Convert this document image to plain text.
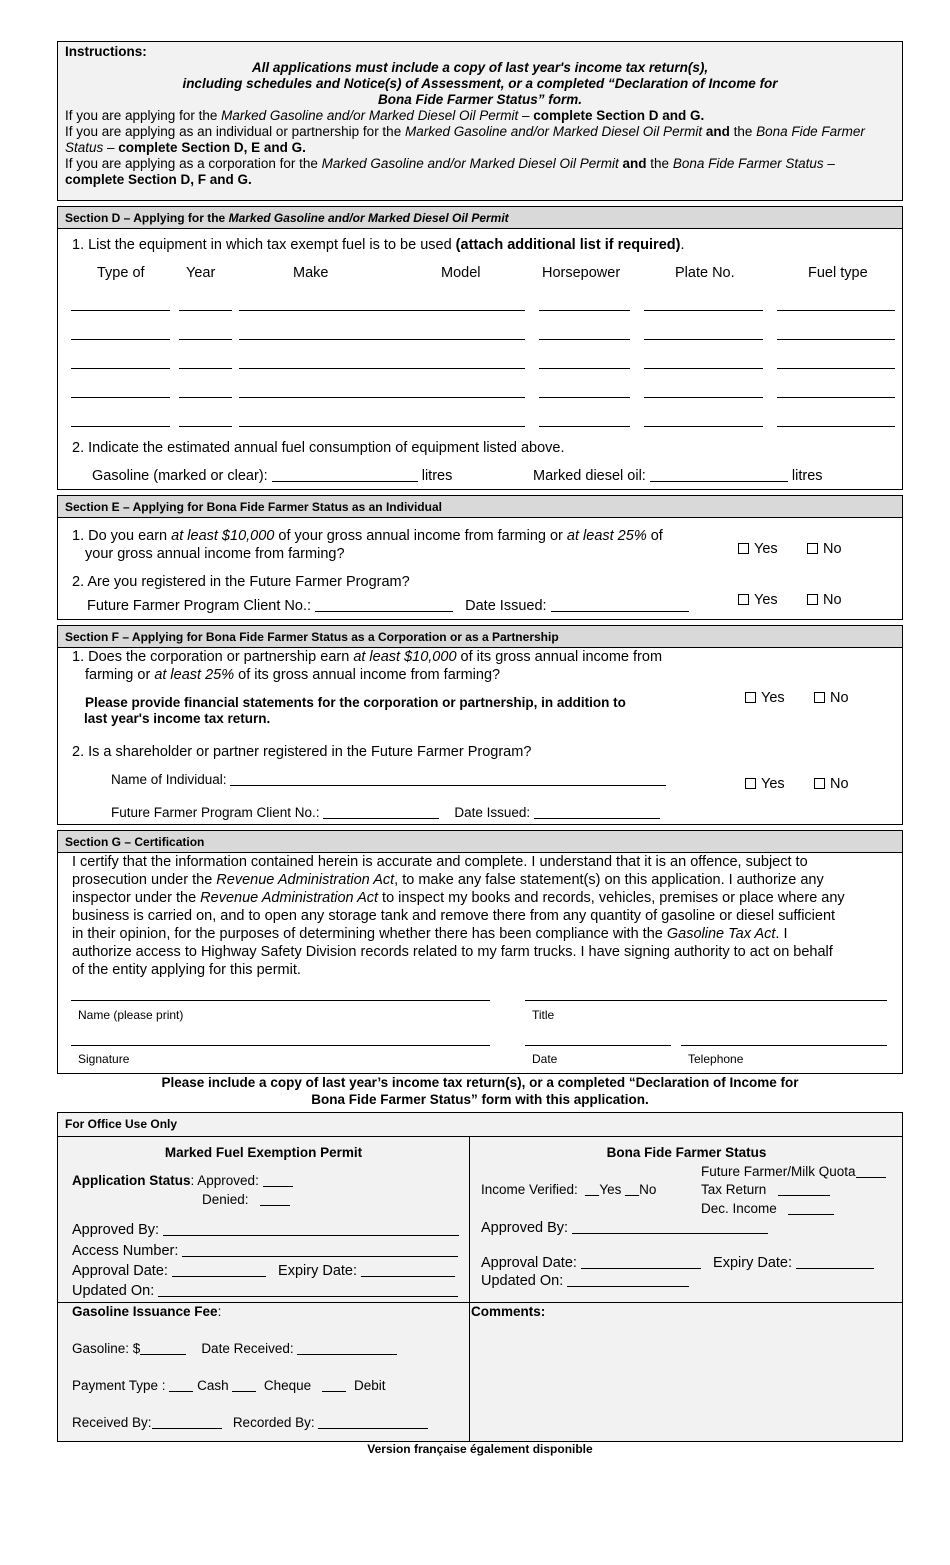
Instructions:
All applications must include a copy of last year's income tax return(s),
including schedules and Notice(s) of Assessment, or a completed “Declaration of Income for
Bona Fide Farmer Status” form.
If you are applying for the Marked Gasoline and/or Marked Diesel Oil Permit – complete Section D and G.
If you are applying as an individual or partnership for the Marked Gasoline and/or Marked Diesel Oil Permit and the Bona Fide Farmer
Status – complete Section D, E and G.
If you are applying as a corporation for the Marked Gasoline and/or Marked Diesel Oil Permit and the Bona Fide Farmer Status –
complete Section D, F and G.
Section D – Applying for the Marked Gasoline and/or Marked Diesel Oil Permit
1. List the equipment in which tax exempt fuel is to be used (attach additional list if required).
Type of	Year	Make	Model	Horsepower	Plate No.	Fuel type
2. Indicate the estimated annual fuel consumption of equipment listed above.
Gasoline (marked or clear):	litres	Marked diesel oil:	litres
Section E – Applying for Bona Fide Farmer Status as an Individual
1. Do you earn at least $10,000 of your gross annual income from farming or at least 25% of
your gross annual income from farming?	Yes	No
2. Are you registered in the Future Farmer Program?
Future Farmer Program Client No.:	Date Issued:	Yes	No
Section F – Applying for Bona Fide Farmer Status as a Corporation or as a Partnership
1. Does the corporation or partnership earn at least $10,000 of its gross annual income from
farming or at least 25% of its gross annual income from farming?
Please provide financial statements for the corporation or partnership, in addition to
last year's income tax return.
Yes	No
2. Is a shareholder or partner registered in the Future Farmer Program?
Name of Individual:	Yes	No
Future Farmer Program Client No.:	Date Issued:
Section G – Certification
I certify that the information contained herein is accurate and complete. I understand that it is an offence, subject to
prosecution under the Revenue Administration Act, to make any false statement(s) on this application. I authorize any
inspector under the Revenue Administration Act to inspect my books and records, vehicles, premises or place where any
business is carried on, and to open any storage tank and remove there from any quantity of gasoline or diesel sufficient
in their opinion, for the purposes of determining whether there has been compliance with the Gasoline Tax Act. I
authorize access to Highway Safety Division records related to my farm trucks. I have signing authority to act on behalf
of the entity applying for this permit.
Name (please print)	Title
Signature	Date	Telephone
Please include a copy of last year’s income tax return(s), or a completed “Declaration of Income for
Bona Fide Farmer Status” form with this application.
For Office Use Only
Marked Fuel Exemption Permit
Application Status: Approved:
Denied:
Approved By:
Access Number:
Approval Date:	Expiry Date:
Updated On:
Gasoline Issuance Fee:
Gasoline: $	Date Received:
Payment Type : Cash	Cheque	Debit
Received By:	Recorded By:
Bona Fide Farmer Status
Income Verified: Yes No
Future Farmer/Milk Quota
Tax Return
Dec. Income
Approved By:
Approval Date:	Expiry Date:
Updated On:
Comments:
Version française également disponible
